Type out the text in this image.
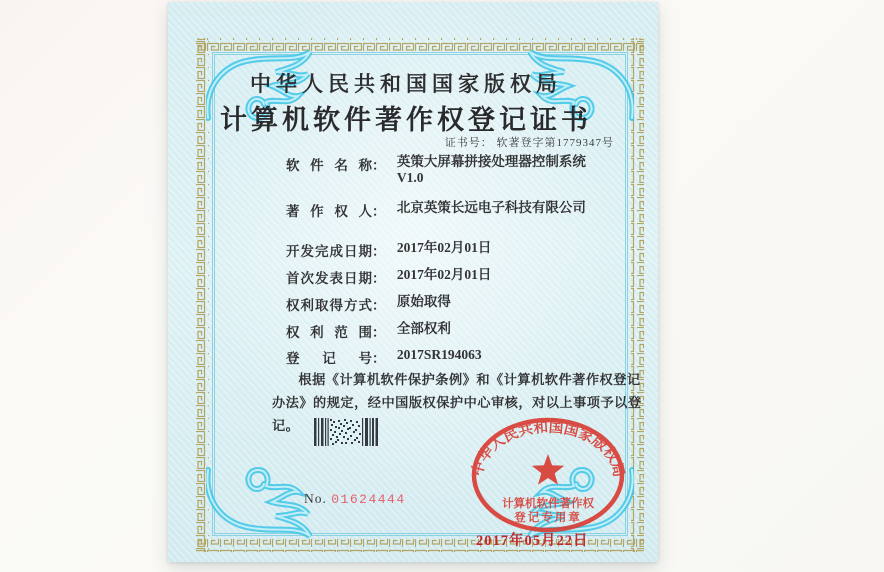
中华人民共和国国家版权局
计算机软件著作权登记证书
证书号： 软著登字第1779347号
软件名称： 英策大屏幕拼接处理器控制系统
V1.0
著作权人： 北京英策长远电子科技有限公司
开发完成日期： 2017年02月01日
首次发表日期： 2017年02月01日
权利取得方式： 原始取得
权利范围： 全部权利
登记号： 2017SR194063

根据《计算机软件保护条例》和《计算机软件著作权登记办法》的规定，经中国版权保护中心审核，对以上事项予以登记。

No. 01624444
中华人民共和国国家版权局
计算机软件著作权
登记专用章
2017年05月22日
